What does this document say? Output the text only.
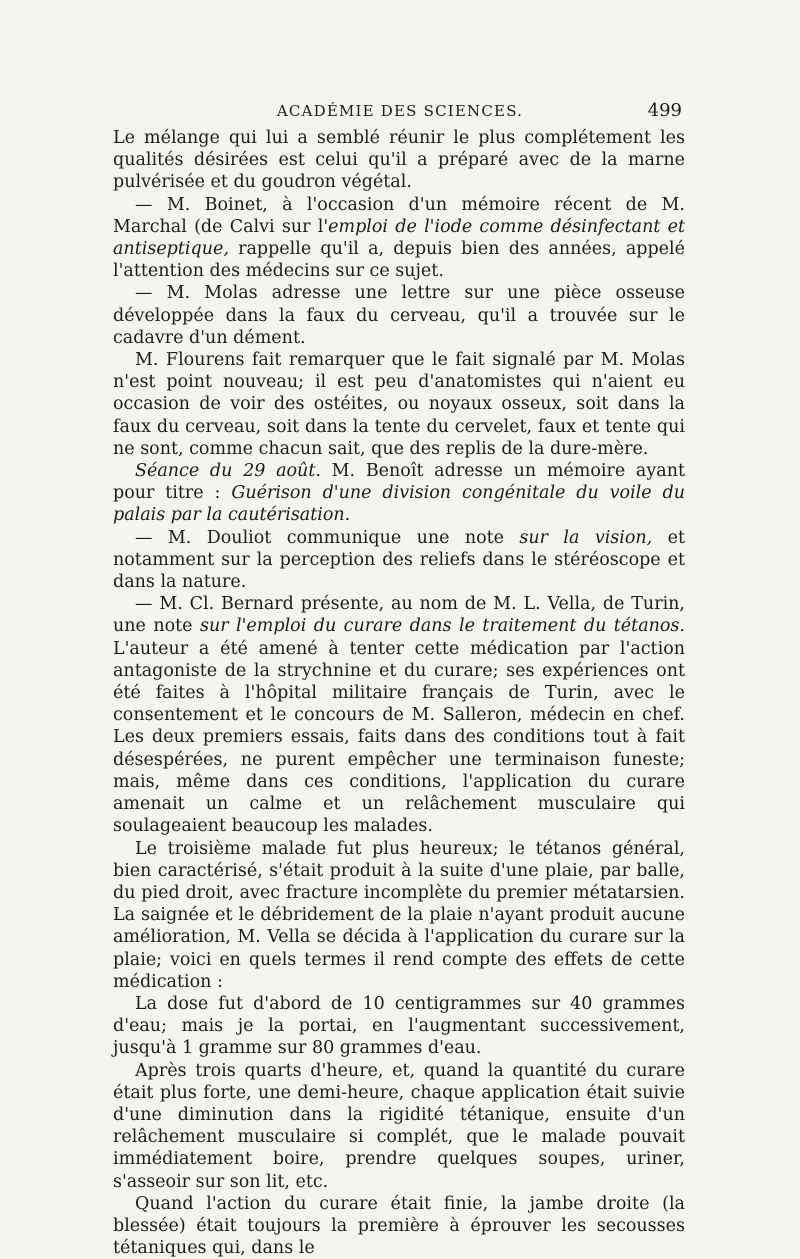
ACADÉMIE DES SCIENCES.	499

Le mélange qui lui a semblé réunir le plus complétement les qualités désirées est celui qu'il a préparé avec de la marne pulvérisée et du goudron végétal.

— M. Boinet, à l'occasion d'un mémoire récent de M. Marchal (de Calvi sur l'emploi de l'iode comme désinfectant et antiseptique, rappelle qu'il a, depuis bien des années, appelé l'attention des médecins sur ce sujet.

— M. Molas adresse une lettre sur une pièce osseuse développée dans la faux du cerveau, qu'il a trouvée sur le cadavre d'un dément.

M. Flourens fait remarquer que le fait signalé par M. Molas n'est point nouveau; il est peu d'anatomistes qui n'aient eu occasion de voir des ostéites, ou noyaux osseux, soit dans la faux du cerveau, soit dans la tente du cervelet, faux et tente qui ne sont, comme chacun sait, que des replis de la dure-mère.

Séance du 29 août. M. Benoît adresse un mémoire ayant pour titre : Guérison d'une division congénitale du voile du palais par la cautérisation.

— M. Douliot communique une note sur la vision, et notamment sur la perception des reliefs dans le stéréoscope et dans la nature.

— M. Cl. Bernard présente, au nom de M. L. Vella, de Turin, une note sur l'emploi du curare dans le traitement du tétanos. L'auteur a été amené à tenter cette médication par l'action antagoniste de la strychnine et du curare; ses expériences ont été faites à l'hôpital militaire français de Turin, avec le consentement et le concours de M. Salleron, médecin en chef. Les deux premiers essais, faits dans des conditions tout à fait désespérées, ne purent empêcher une terminaison funeste; mais, même dans ces conditions, l'application du curare amenait un calme et un relâchement musculaire qui soulageaient beaucoup les malades.

Le troisième malade fut plus heureux; le tétanos général, bien caractérisé, s'était produit à la suite d'une plaie, par balle, du pied droit, avec fracture incomplète du premier métatarsien. La saignée et le débridement de la plaie n'ayant produit aucune amélioration, M. Vella se décida à l'application du curare sur la plaie; voici en quels termes il rend compte des effets de cette médication :

La dose fut d'abord de 10 centigrammes sur 40 grammes d'eau; mais je la portai, en l'augmentant successivement, jusqu'à 1 gramme sur 80 grammes d'eau.

Après trois quarts d'heure, et, quand la quantité du curare était plus forte, une demi-heure, chaque application était suivie d'une diminution dans la rigidité tétanique, ensuite d'un relâchement musculaire si complét, que le malade pouvait immédiatement boire, prendre quelques soupes, uriner, s'asseoir sur son lit, etc.

Quand l'action du curare était finie, la jambe droite (la blessée) était toujours la première à éprouver les secousses tétaniques qui, dans le
